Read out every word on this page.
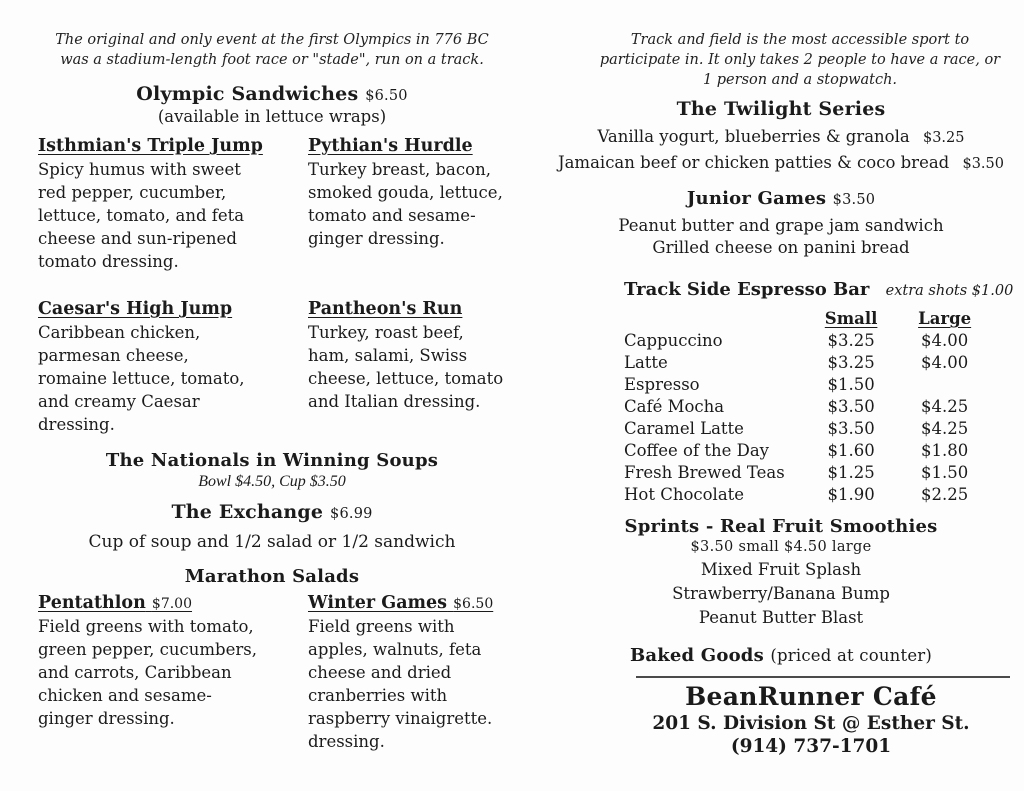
The original and only event at the first Olympics in 776 BC
was a stadium-length foot race or "stade", run on a track.
Olympic Sandwiches $6.50
(available in lettuce wraps)
Isthmian's Triple Jump
Spicy humus with sweet red pepper, cucumber, lettuce, tomato, and feta cheese and sun-ripened tomato dressing.
Pythian's Hurdle
Turkey breast, bacon, smoked gouda, lettuce, tomato and sesame-ginger dressing.
Caesar's High Jump
Caribbean chicken, parmesan cheese, romaine lettuce, tomato, and creamy Caesar dressing.
Pantheon's Run
Turkey, roast beef, ham, salami, Swiss cheese, lettuce, tomato and Italian dressing.
The Nationals in Winning Soups
Bowl $4.50, Cup $3.50
The Exchange $6.99
Cup of soup and 1/2 salad or 1/2 sandwich
Marathon Salads
Pentathlon $7.00
Field greens with tomato, green pepper, cucumbers, and carrots, Caribbean chicken and sesame-ginger dressing.
Winter Games $6.50
Field greens with apples, walnuts, feta cheese and dried cranberries with raspberry vinaigrette. dressing.
Track and field is the most accessible sport to
participate in. It only takes 2 people to have a race, or
1 person and a stopwatch.
The Twilight Series
Vanilla yogurt, blueberries & granola $3.25
Jamaican beef or chicken patties & coco bread $3.50
Junior Games $3.50
Peanut butter and grape jam sandwich
Grilled cheese on panini bread
Track Side Espresso Bar extra shots $1.00
	Small	Large
Cappuccino	$3.25	$4.00
Latte	$3.25	$4.00
Espresso	$1.50	
Café Mocha	$3.50	$4.25
Caramel Latte	$3.50	$4.25
Coffee of the Day	$1.60	$1.80
Fresh Brewed Teas	$1.25	$1.50
Hot Chocolate	$1.90	$2.25
Sprints - Real Fruit Smoothies
$3.50 small $4.50 large
Mixed Fruit Splash
Strawberry/Banana Bump
Peanut Butter Blast
Baked Goods (priced at counter)
BeanRunner Café
201 S. Division St @ Esther St.
(914) 737-1701
